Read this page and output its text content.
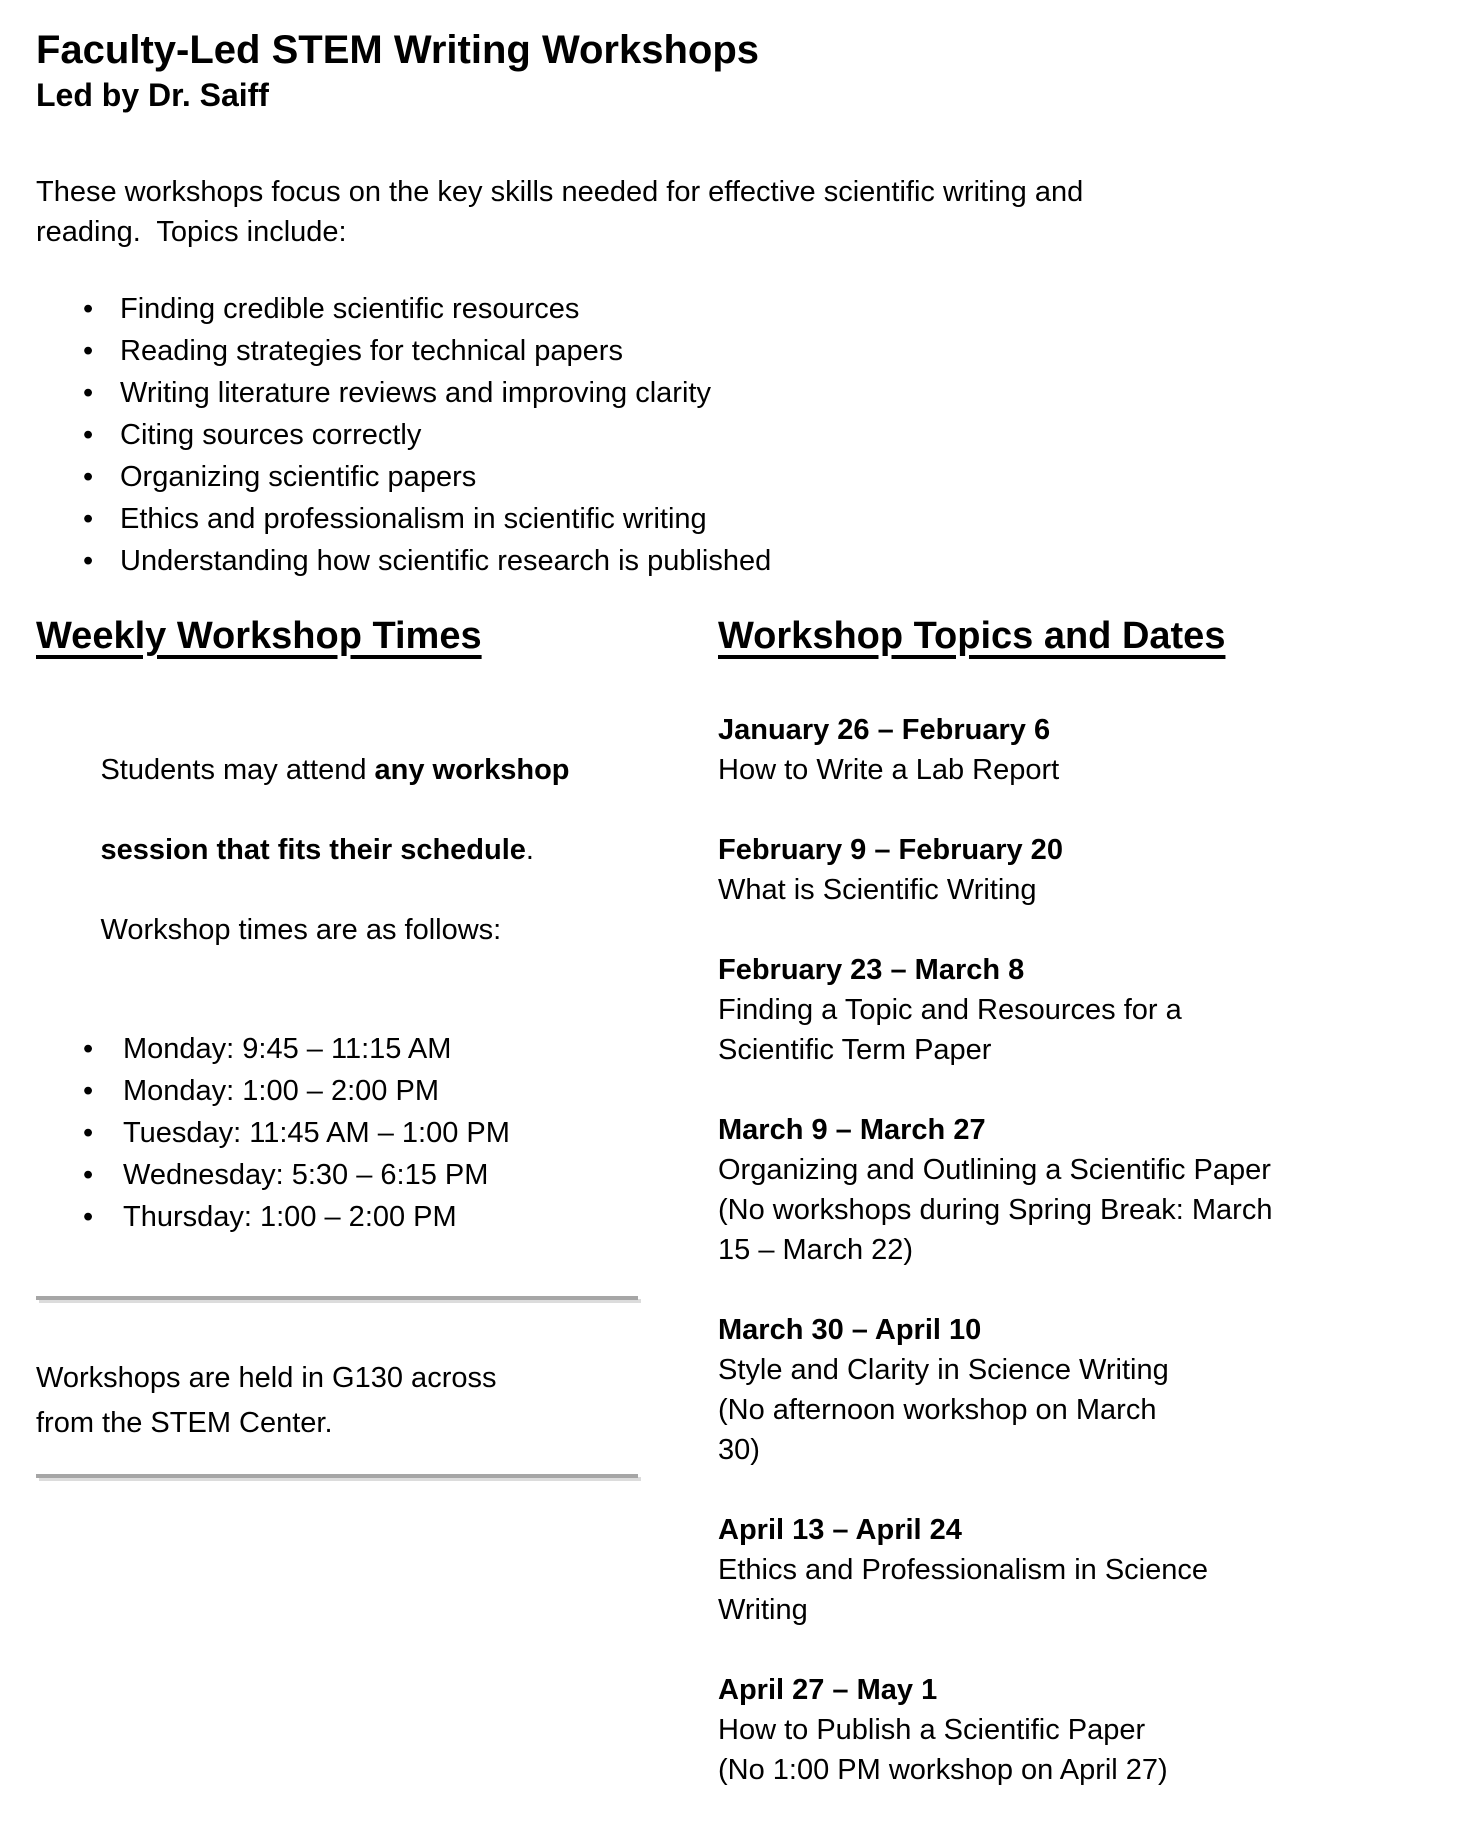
Faculty-Led STEM Writing Workshops
Led by Dr. Saiff
These workshops focus on the key skills needed for effective scientific writing and
reading.  Topics include:
• Finding credible scientific resources
• Reading strategies for technical papers
• Writing literature reviews and improving clarity
• Citing sources correctly
• Organizing scientific papers
• Ethics and professionalism in scientific writing
• Understanding how scientific research is published
Weekly Workshop Times

Students may attend any workshop

session that fits their schedule.

Workshop times are as follows:

• Monday: 9:45 – 11:15 AM
• Monday: 1:00 – 2:00 PM
• Tuesday: 11:45 AM – 1:00 PM
• Wednesday: 5:30 – 6:15 PM
• Thursday: 1:00 – 2:00 PM
Workshops are held in G130 across
from the STEM Center.
Workshop Topics and Dates
January 26 – February 6
How to Write a Lab Report
February 9 – February 20
What is Scientific Writing
February 23 – March 8
Finding a Topic and Resources for a
Scientific Term Paper
March 9 – March 27
Organizing and Outlining a Scientific Paper
(No workshops during Spring Break: March
15 – March 22)
March 30 – April 10
Style and Clarity in Science Writing
(No afternoon workshop on March
30)
April 13 – April 24
Ethics and Professionalism in Science
Writing
April 27 – May 1
How to Publish a Scientific Paper
(No 1:00 PM workshop on April 27)
